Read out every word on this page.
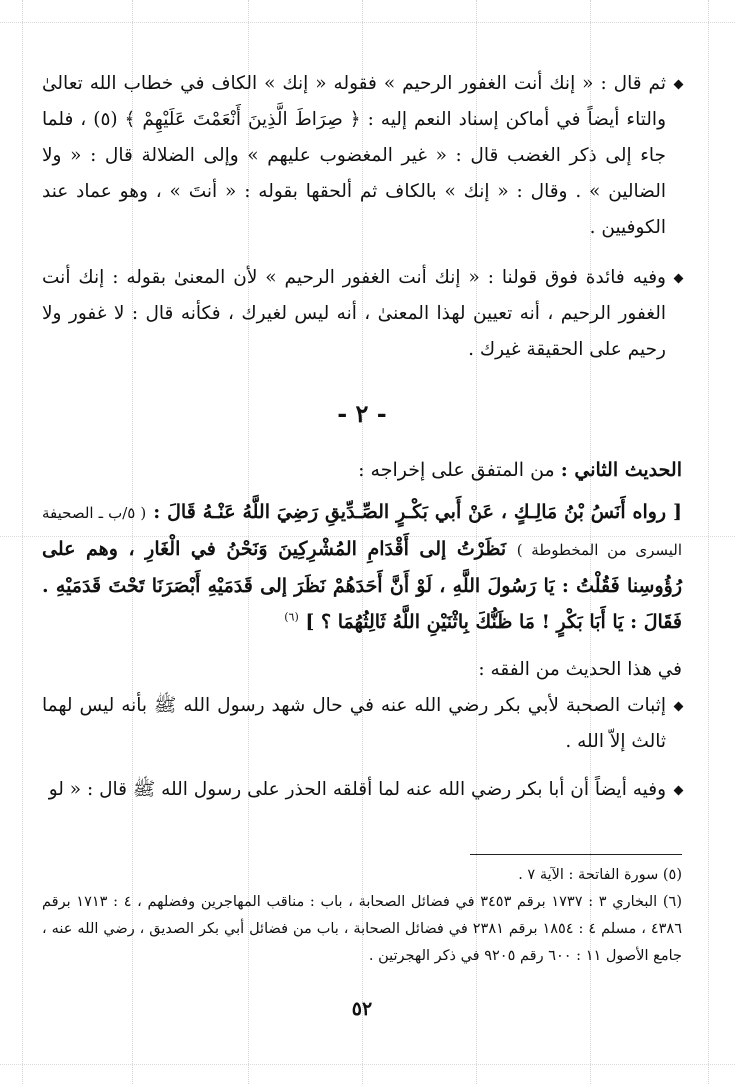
ثم قال : « إنك أنت الغفور الرحيم » فقوله « إنك » الكاف في خطاب الله تعالىٰ والتاء أيضاً في أماكن إسناد النعم إليه : ﴿ صِرَاطَ الَّذِينَ أَنْعَمْتَ عَلَيْهِمْ ﴾ (٥) ، فلما جاء إلى ذكر الغضب قال : « غير المغضوب عليهم » وإلى الضلالة قال : « ولا الضالين » . وقال : « إنك » بالكاف ثم ألحقها بقوله : « أنتَ » ، وهو عماد عند الكوفيين .

وفيه فائدة فوق قولنا : « إنك أنت الغفور الرحيم » لأن المعنىٰ بقوله : إنك أنت الغفور الرحيم ، أنه تعيين لهذا المعنىٰ ، أنه ليس لغيرك ، فكأنه قال : لا غفور ولا رحيم على الحقيقة غيرك .

- ٢ -

الحديث الثاني : من المتفق على إخراجه :

[ رواه أَنَسُ بْنُ مَالِـكٍ ، عَنْ أَبي بَكْـرٍ الصِّـدِّيقِ رَضِيَ اللَّهُ عَنْـهُ قَالَ : ( ٥/ب ـ الصحيفة اليسرى من المخطوطة ) نَظَرْتُ إلى أَقْدَامِ المُشْرِكِينَ وَنَحْنُ في الْغَارِ ، وهم على رُؤُوسِنا فَقُلْتُ : يَا رَسُولَ اللَّهِ ، لَوْ أَنَّ أَحَدَهُمْ نَظَرَ إلى قَدَمَيْهِ أَبْصَرَنَا تَحْتَ قَدَمَيْهِ . فَقَالَ : يَا أَبَا بَكْرٍ ! مَا ظَنُّكَ بِاثْنَيْنِ اللَّهُ ثَالِثُهُمَا ؟ ] $^{(٦)}$

في هذا الحديث من الفقه :

إثبات الصحبة لأبي بكر رضي الله عنه في حال شهد رسول الله ﷺ بأنه ليس لهما ثالث إلاّ الله .

وفيه أيضاً أن أبا بكر رضي الله عنه لما أقلقه الحذر على رسول الله ﷺ قال : « لو

(٥) سورة الفاتحة : الآية ٧ .

(٦) البخاري ٣ : ١٧٣٧ برقم ٣٤٥٣ في فضائل الصحابة ، باب : مناقب المهاجرين وفضلهم ، ٤ : ١٧١٣ برقم ٤٣٨٦ ، مسلم ٤ : ١٨٥٤ برقم ٢٣٨١ في فضائل الصحابة ، باب من فضائل أبي بكر الصديق ، رضي الله عنه ، جامع الأصول ١١ : ٦٠٠ رقم ٩٢٠٥ في ذكر الهجرتين .

٥٢
